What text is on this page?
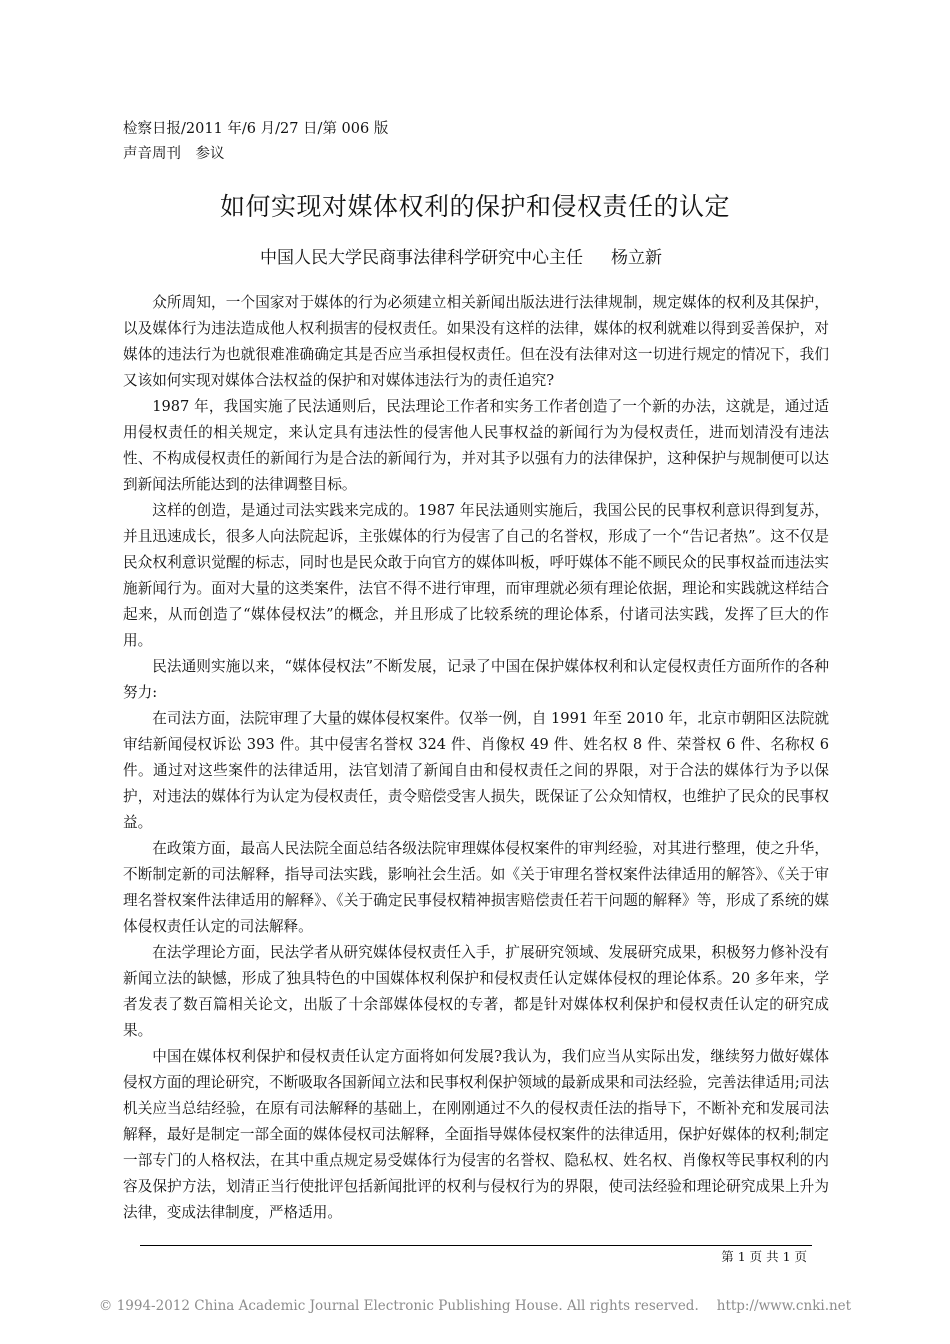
检察日报/2011 年/6 月/27 日/第 006 版
声音周刊　参议
如何实现对媒体权利的保护和侵权责任的认定
中国人民大学民商事法律科学研究中心主任 杨立新

众所周知，一个国家对于媒体的行为必须建立相关新闻出版法进行法律规制，规定媒体的权利及其保护，以及媒体行为违法造成他人权利损害的侵权责任。如果没有这样的法律，媒体的权利就难以得到妥善保护，对媒体的违法行为也就很难准确确定其是否应当承担侵权责任。但在没有法律对这一切进行规定的情况下，我们又该如何实现对媒体合法权益的保护和对媒体违法行为的责任追究?

1987 年，我国实施了民法通则后，民法理论工作者和实务工作者创造了一个新的办法，这就是，通过适用侵权责任的相关规定，来认定具有违法性的侵害他人民事权益的新闻行为为侵权责任，进而划清没有违法性、不构成侵权责任的新闻行为是合法的新闻行为，并对其予以强有力的法律保护，这种保护与规制便可以达到新闻法所能达到的法律调整目标。

这样的创造，是通过司法实践来完成的。1987 年民法通则实施后，我国公民的民事权利意识得到复苏，并且迅速成长，很多人向法院起诉，主张媒体的行为侵害了自己的名誉权，形成了一个“告记者热”。这不仅是民众权利意识觉醒的标志，同时也是民众敢于向官方的媒体叫板，呼吁媒体不能不顾民众的民事权益而违法实施新闻行为。面对大量的这类案件，法官不得不进行审理，而审理就必须有理论依据，理论和实践就这样结合起来，从而创造了“媒体侵权法”的概念，并且形成了比较系统的理论体系，付诸司法实践，发挥了巨大的作用。

民法通则实施以来，“媒体侵权法”不断发展，记录了中国在保护媒体权利和认定侵权责任方面所作的各种努力:

在司法方面，法院审理了大量的媒体侵权案件。仅举一例，自 1991 年至 2010 年，北京市朝阳区法院就审结新闻侵权诉讼 393 件。其中侵害名誉权 324 件、肖像权 49 件、姓名权 8 件、荣誉权 6 件、名称权 6 件。通过对这些案件的法律适用，法官划清了新闻自由和侵权责任之间的界限，对于合法的媒体行为予以保护，对违法的媒体行为认定为侵权责任，责令赔偿受害人损失，既保证了公众知情权，也维护了民众的民事权益。

在政策方面，最高人民法院全面总结各级法院审理媒体侵权案件的审判经验，对其进行整理，使之升华，不断制定新的司法解释，指导司法实践，影响社会生活。如《关于审理名誉权案件法律适用的解答》、《关于审理名誉权案件法律适用的解释》、《关于确定民事侵权精神损害赔偿责任若干问题的解释》等，形成了系统的媒体侵权责任认定的司法解释。

在法学理论方面，民法学者从研究媒体侵权责任入手，扩展研究领域、发展研究成果，积极努力修补没有新闻立法的缺憾，形成了独具特色的中国媒体权利保护和侵权责任认定媒体侵权的理论体系。20 多年来，学者发表了数百篇相关论文，出版了十余部媒体侵权的专著，都是针对媒体权利保护和侵权责任认定的研究成果。

中国在媒体权利保护和侵权责任认定方面将如何发展?我认为，我们应当从实际出发，继续努力做好媒体侵权方面的理论研究，不断吸取各国新闻立法和民事权利保护领域的最新成果和司法经验，完善法律适用;司法机关应当总结经验，在原有司法解释的基础上，在刚刚通过不久的侵权责任法的指导下，不断补充和发展司法解释，最好是制定一部全面的媒体侵权司法解释，全面指导媒体侵权案件的法律适用，保护好媒体的权利;制定一部专门的人格权法，在其中重点规定易受媒体行为侵害的名誉权、隐私权、姓名权、肖像权等民事权利的内容及保护方法，划清正当行使批评包括新闻批评的权利与侵权行为的界限，使司法经验和理论研究成果上升为法律，变成法律制度，严格适用。

第 1 页 共 1 页
© 1994-2012 China Academic Journal Electronic Publishing House. All rights reserved. http://www.cnki.net
